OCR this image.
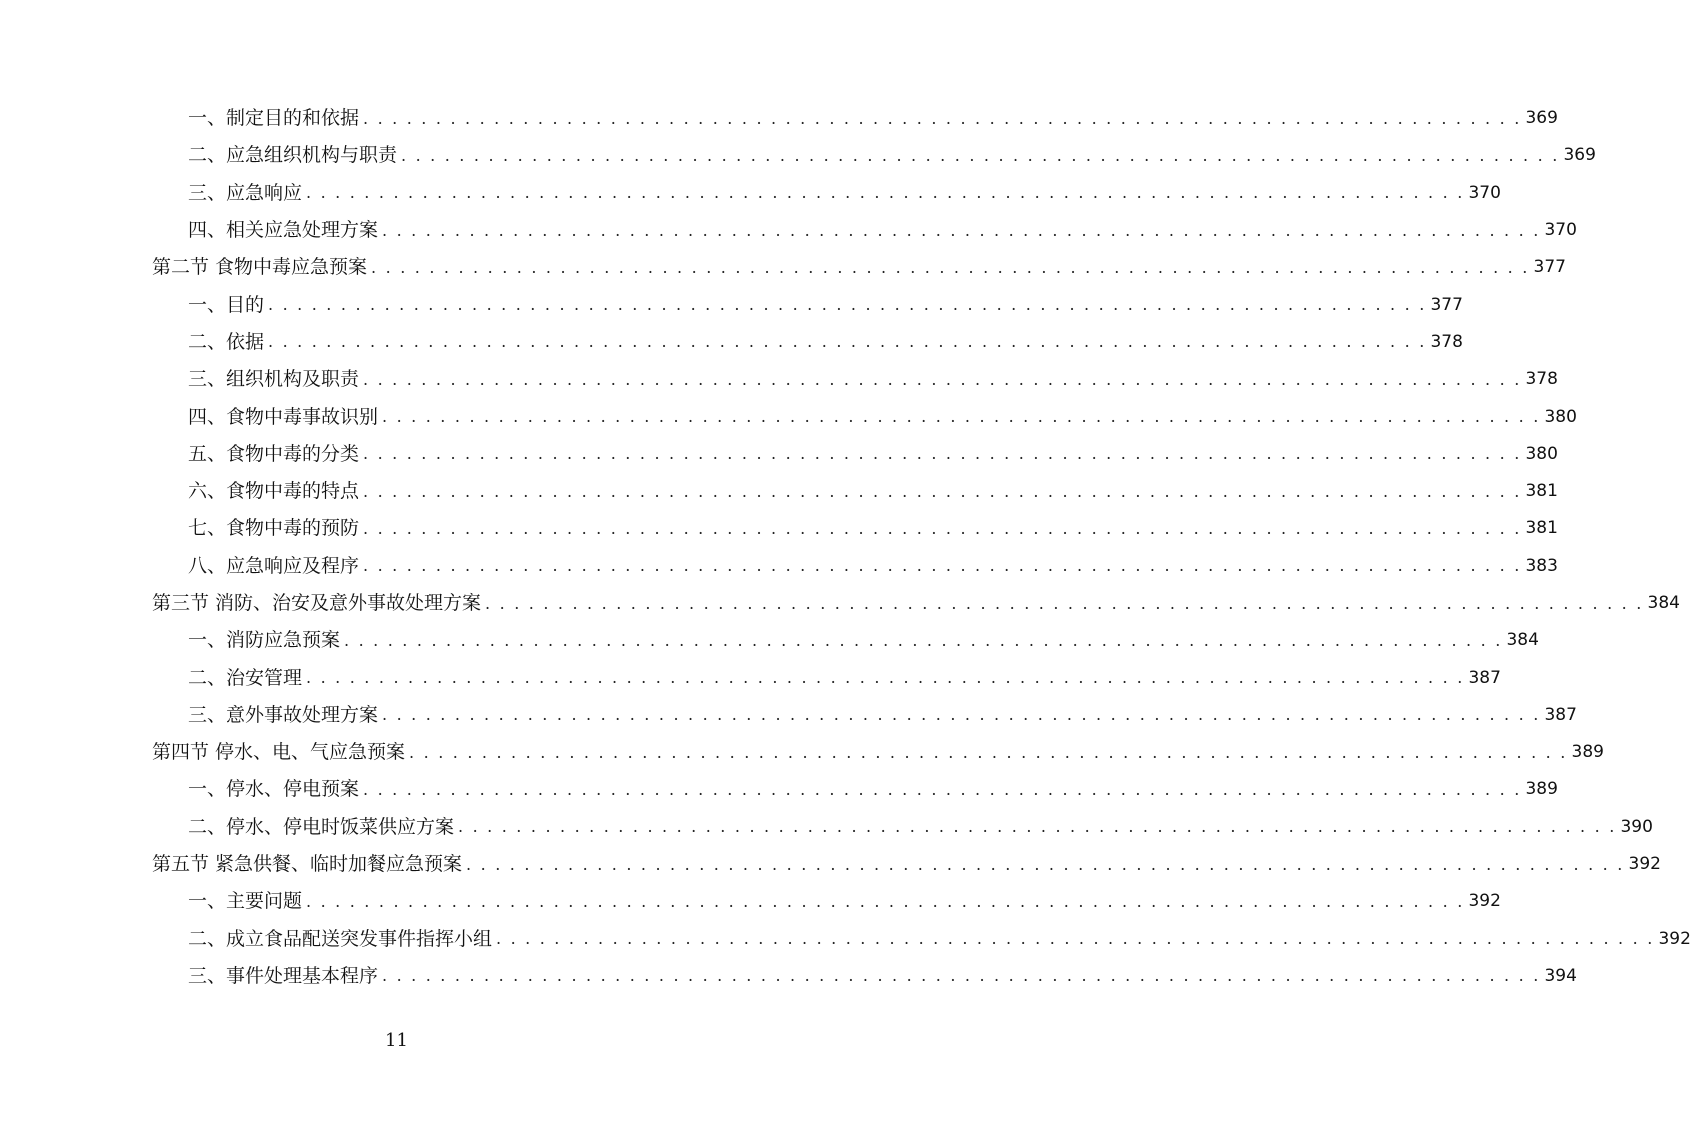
一、制定目的和依据 . . . . . . . . . . . . . . . . . . . . . . . . . . . . . . . . . . . . . . . . . . . . . . . . . . . . . . . . . . . . . . . . . . . . . . . . . . . . . . . . 369
二、应急组织机构与职责 . . . . . . . . . . . . . . . . . . . . . . . . . . . . . . . . . . . . . . . . . . . . . . . . . . . . . . . . . . . . . . . . . . . . . . . . . . . . . . . . 369
三、应急响应 . . . . . . . . . . . . . . . . . . . . . . . . . . . . . . . . . . . . . . . . . . . . . . . . . . . . . . . . . . . . . . . . . . . . . . . . . . . . . . . . 370
四、相关应急处理方案 . . . . . . . . . . . . . . . . . . . . . . . . . . . . . . . . . . . . . . . . . . . . . . . . . . . . . . . . . . . . . . . . . . . . . . . . . . . . . . . . 370
第二节 食物中毒应急预案 . . . . . . . . . . . . . . . . . . . . . . . . . . . . . . . . . . . . . . . . . . . . . . . . . . . . . . . . . . . . . . . . . . . . . . . . . . . . . . . . 377
一、目的 . . . . . . . . . . . . . . . . . . . . . . . . . . . . . . . . . . . . . . . . . . . . . . . . . . . . . . . . . . . . . . . . . . . . . . . . . . . . . . . . 377
二、依据 . . . . . . . . . . . . . . . . . . . . . . . . . . . . . . . . . . . . . . . . . . . . . . . . . . . . . . . . . . . . . . . . . . . . . . . . . . . . . . . . 378
三、组织机构及职责 . . . . . . . . . . . . . . . . . . . . . . . . . . . . . . . . . . . . . . . . . . . . . . . . . . . . . . . . . . . . . . . . . . . . . . . . . . . . . . . . 378
四、食物中毒事故识别 . . . . . . . . . . . . . . . . . . . . . . . . . . . . . . . . . . . . . . . . . . . . . . . . . . . . . . . . . . . . . . . . . . . . . . . . . . . . . . . . 380
五、食物中毒的分类 . . . . . . . . . . . . . . . . . . . . . . . . . . . . . . . . . . . . . . . . . . . . . . . . . . . . . . . . . . . . . . . . . . . . . . . . . . . . . . . . 380
六、食物中毒的特点 . . . . . . . . . . . . . . . . . . . . . . . . . . . . . . . . . . . . . . . . . . . . . . . . . . . . . . . . . . . . . . . . . . . . . . . . . . . . . . . . 381
七、食物中毒的预防 . . . . . . . . . . . . . . . . . . . . . . . . . . . . . . . . . . . . . . . . . . . . . . . . . . . . . . . . . . . . . . . . . . . . . . . . . . . . . . . . 381
八、应急响应及程序 . . . . . . . . . . . . . . . . . . . . . . . . . . . . . . . . . . . . . . . . . . . . . . . . . . . . . . . . . . . . . . . . . . . . . . . . . . . . . . . . 383
第三节 消防、治安及意外事故处理方案 . . . . . . . . . . . . . . . . . . . . . . . . . . . . . . . . . . . . . . . . . . . . . . . . . . . . . . . . . . . . . . . . . . . . . . . . . . . . . . . . 384
一、消防应急预案 . . . . . . . . . . . . . . . . . . . . . . . . . . . . . . . . . . . . . . . . . . . . . . . . . . . . . . . . . . . . . . . . . . . . . . . . . . . . . . . . 384
二、治安管理 . . . . . . . . . . . . . . . . . . . . . . . . . . . . . . . . . . . . . . . . . . . . . . . . . . . . . . . . . . . . . . . . . . . . . . . . . . . . . . . . 387
三、意外事故处理方案 . . . . . . . . . . . . . . . . . . . . . . . . . . . . . . . . . . . . . . . . . . . . . . . . . . . . . . . . . . . . . . . . . . . . . . . . . . . . . . . . 387
第四节 停水、电、气应急预案 . . . . . . . . . . . . . . . . . . . . . . . . . . . . . . . . . . . . . . . . . . . . . . . . . . . . . . . . . . . . . . . . . . . . . . . . . . . . . . . . 389
一、停水、停电预案 . . . . . . . . . . . . . . . . . . . . . . . . . . . . . . . . . . . . . . . . . . . . . . . . . . . . . . . . . . . . . . . . . . . . . . . . . . . . . . . . 389
二、停水、停电时饭菜供应方案 . . . . . . . . . . . . . . . . . . . . . . . . . . . . . . . . . . . . . . . . . . . . . . . . . . . . . . . . . . . . . . . . . . . . . . . . . . . . . . . . 390
第五节 紧急供餐、临时加餐应急预案 . . . . . . . . . . . . . . . . . . . . . . . . . . . . . . . . . . . . . . . . . . . . . . . . . . . . . . . . . . . . . . . . . . . . . . . . . . . . . . . . 392
一、主要问题 . . . . . . . . . . . . . . . . . . . . . . . . . . . . . . . . . . . . . . . . . . . . . . . . . . . . . . . . . . . . . . . . . . . . . . . . . . . . . . . . 392
二、成立食品配送突发事件指挥小组 . . . . . . . . . . . . . . . . . . . . . . . . . . . . . . . . . . . . . . . . . . . . . . . . . . . . . . . . . . . . . . . . . . . . . . . . . . . . . . . . 392
三、事件处理基本程序 . . . . . . . . . . . . . . . . . . . . . . . . . . . . . . . . . . . . . . . . . . . . . . . . . . . . . . . . . . . . . . . . . . . . . . . . . . . . . . . . 394
11
